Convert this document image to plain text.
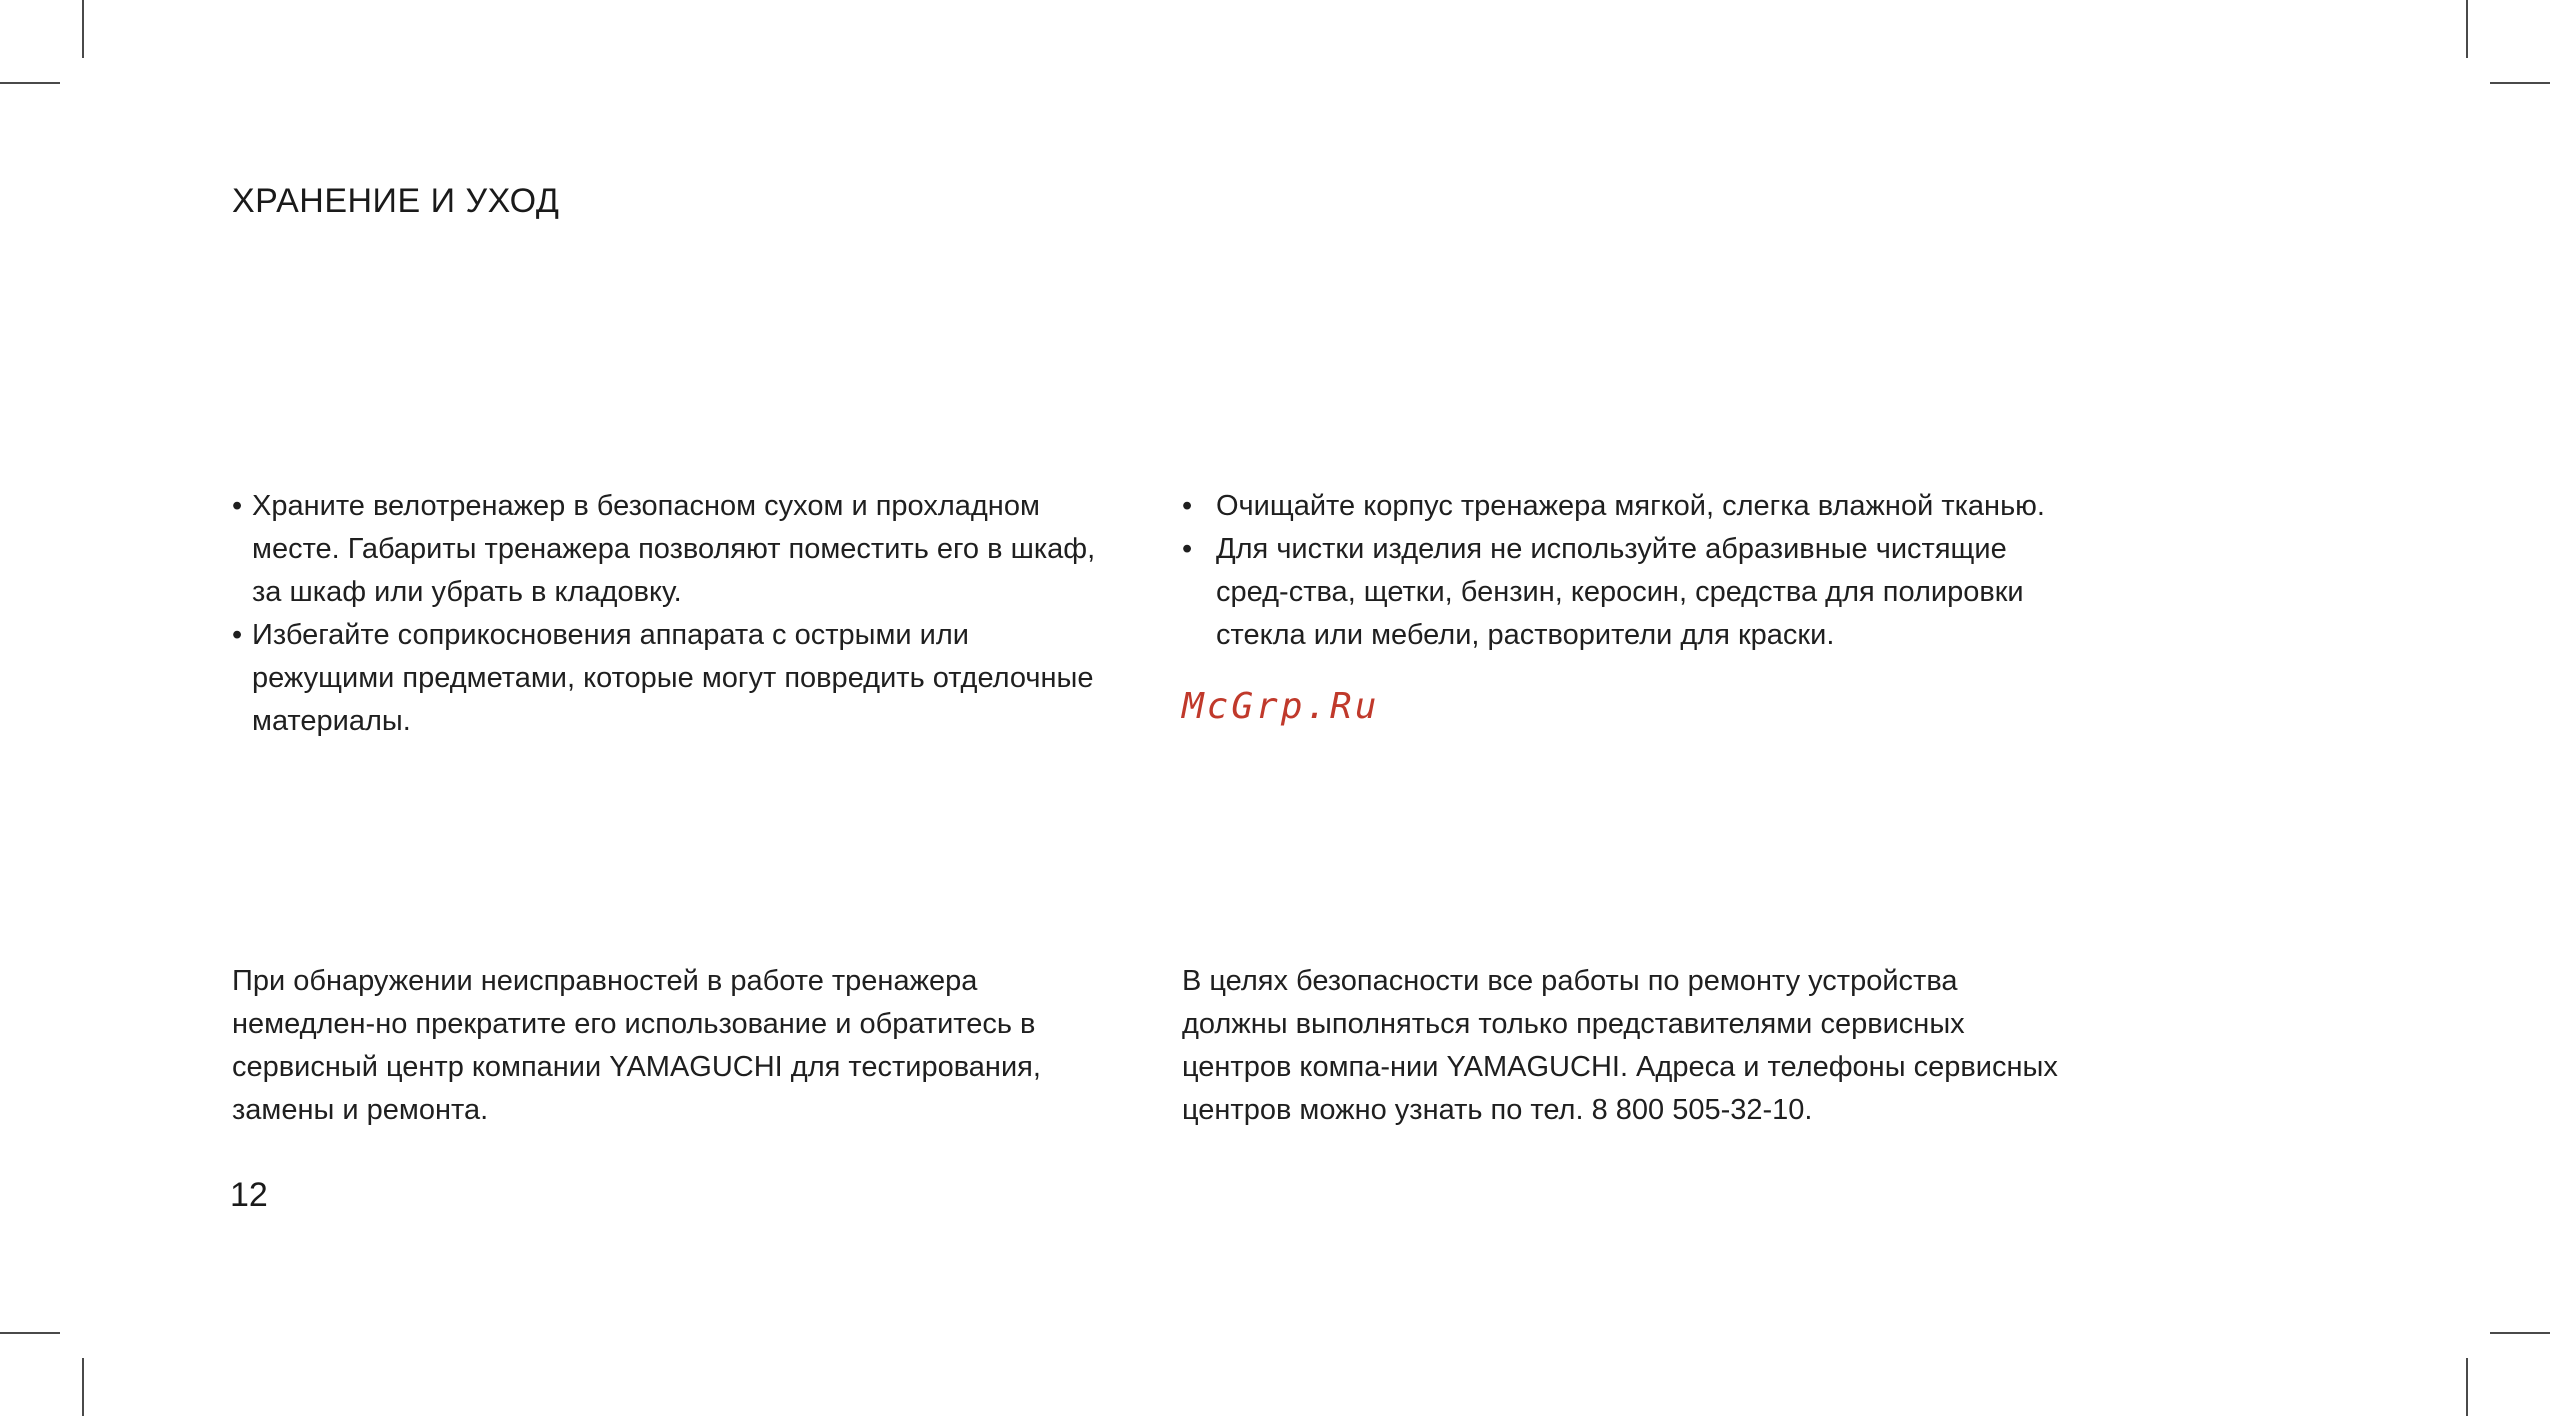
ХРАНЕНИЕ И УХОД
• Храните велотренажер в безопасном сухом и прохладном месте. Габариты тренажера позволяют поместить его в шкаф, за шкаф или убрать в кладовку.
• Избегайте соприкосновения аппарата с острыми или режущими предметами, которые могут повредить отделочные материалы.
• Очищайте корпус тренажера мягкой, слегка влажной тканью.
• Для чистки изделия не используйте абразивные чистящие сред-ства, щетки, бензин, керосин, средства для полировки стекла или мебели, растворители для краски.
McGrp.Ru

При обнаружении неисправностей в работе тренажера немедлен-но прекратите его использование и обратитесь в сервисный центр компании YAMAGUCHI для тестирования, замены и ремонта.

В целях безопасности все работы по ремонту устройства должны выполняться только представителями сервисных центров компа-нии YAMAGUCHI. Адреса и телефоны сервисных центров можно узнать по тел. 8 800 505-32-10.

12
